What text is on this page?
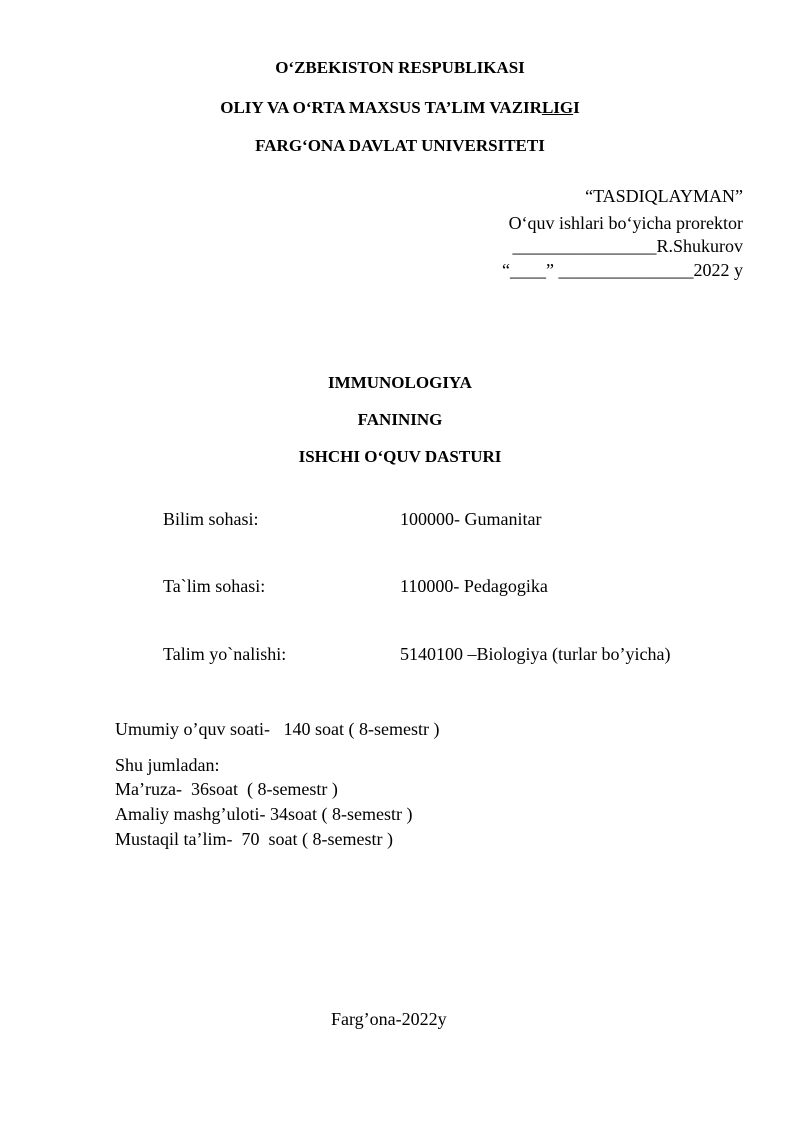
O‘ZBEKISTON RESPUBLIKASI
OLIY VA O‘RTA MAXSUS TA’LIM VAZIRLIGI
FARG‘ONA DAVLAT UNIVERSITETI
“TASDIQLAYMAN”
O‘quv ishlari bo‘yicha prorektor
________________R.Shukurov
“____” _______________2022 y
IMMUNOLOGIYA
FANINING
ISHCHI O‘QUV DASTURI
Bilim sohasi:	100000- Gumanitar
Ta`lim sohasi:	110000- Pedagogika
Talim yo`nalishi:	5140100 –Biologiya (turlar bo’yicha)
Umumiy o’quv soati-   140 soat ( 8-semestr )
Shu jumladan:
Ma’ruza-  36soat  ( 8-semestr )
Amaliy mashg’uloti- 34soat ( 8-semestr )
Mustaqil ta’lim-  70  soat ( 8-semestr )
Farg’ona-2022y
